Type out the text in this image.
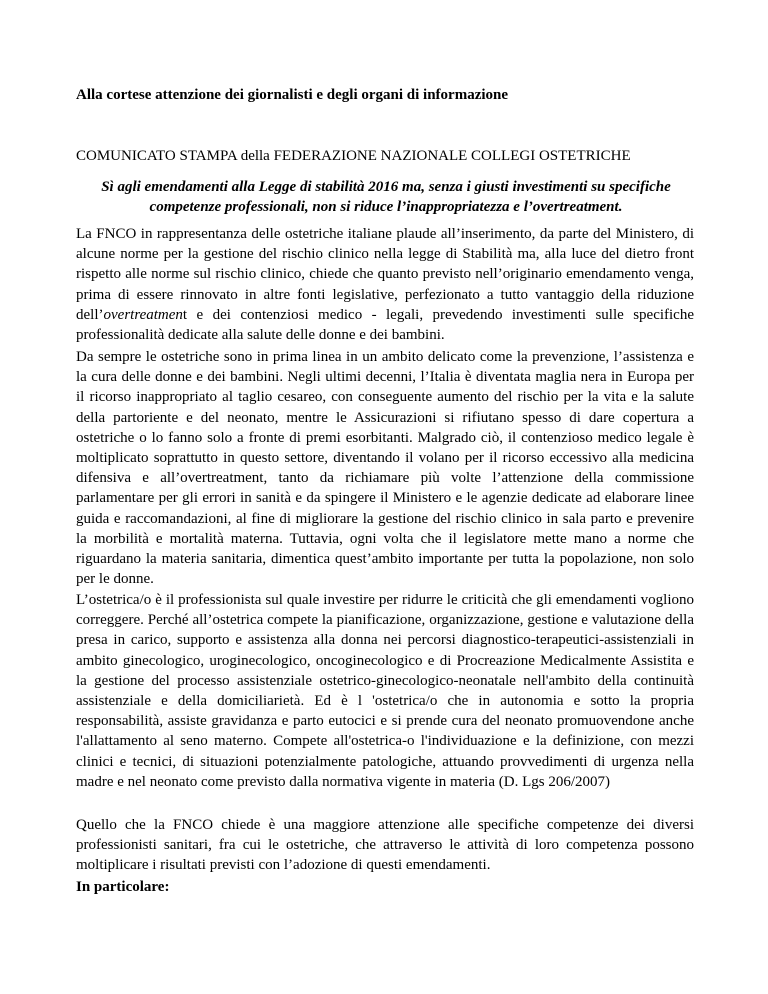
Alla cortese attenzione dei giornalisti e degli organi di informazione

COMUNICATO STAMPA della FEDERAZIONE NAZIONALE COLLEGI OSTETRICHE

Sì agli emendamenti alla Legge di stabilità 2016 ma, senza i giusti investimenti su specifiche competenze professionali, non si riduce l’inappropriatezza e l’overtreatment.

La FNCO in rappresentanza delle ostetriche italiane plaude all’inserimento, da parte del Ministero, di alcune norme per la gestione del rischio clinico nella legge di Stabilità ma, alla luce del dietro front rispetto alle norme sul rischio clinico, chiede che quanto previsto nell’originario emendamento venga, prima di essere rinnovato in altre fonti legislative, perfezionato a tutto vantaggio della riduzione dell’overtreatment e dei contenziosi medico - legali, prevedendo investimenti sulle specifiche professionalità dedicate alla salute delle donne e dei bambini.

Da sempre le ostetriche sono in prima linea in un ambito delicato come la prevenzione, l’assistenza e la cura delle donne e dei bambini. Negli ultimi decenni, l’Italia è diventata maglia nera in Europa per il ricorso inappropriato al taglio cesareo, con conseguente aumento del rischio per la vita e la salute della partoriente e del neonato, mentre le Assicurazioni si rifiutano spesso di dare copertura a ostetriche o lo fanno solo a fronte di premi esorbitanti. Malgrado ciò, il contenzioso medico legale è moltiplicato soprattutto in questo settore, diventando il volano per il ricorso eccessivo alla medicina difensiva e all’overtreatment, tanto da richiamare più volte l’attenzione della commissione parlamentare per gli errori in sanità e da spingere il Ministero e le agenzie dedicate ad elaborare linee guida e raccomandazioni, al fine di migliorare la gestione del rischio clinico in sala parto e prevenire la morbilità e mortalità materna. Tuttavia, ogni volta che il legislatore mette mano a norme che riguardano la materia sanitaria, dimentica quest’ambito importante per tutta la popolazione, non solo per le donne.

L’ostetrica/o è il professionista sul quale investire per ridurre le criticità che gli emendamenti vogliono correggere. Perché all’ostetrica compete la pianificazione, organizzazione, gestione e valutazione della presa in carico, supporto e assistenza alla donna nei percorsi diagnostico-terapeutici-assistenziali in ambito ginecologico, uroginecologico, oncoginecologico e di Procreazione Medicalmente Assistita e la gestione del processo assistenziale ostetrico-ginecologico-neonatale nell'ambito della continuità assistenziale e della domiciliarietà. Ed è l 'ostetrica/o che in autonomia e sotto la propria responsabilità, assiste gravidanza e parto eutocici e si prende cura del neonato promuovendone anche l'allattamento al seno materno. Compete all'ostetrica-o l'individuazione e la definizione, con mezzi clinici e tecnici, di situazioni potenzialmente patologiche, attuando provvedimenti di urgenza nella madre e nel neonato come previsto dalla normativa vigente in materia (D. Lgs 206/2007)

Quello che la FNCO chiede è una maggiore attenzione alle specifiche competenze dei diversi professionisti sanitari, fra cui le ostetriche, che attraverso le attività di loro competenza possono moltiplicare i risultati previsti con l’adozione di questi emendamenti.

In particolare:
